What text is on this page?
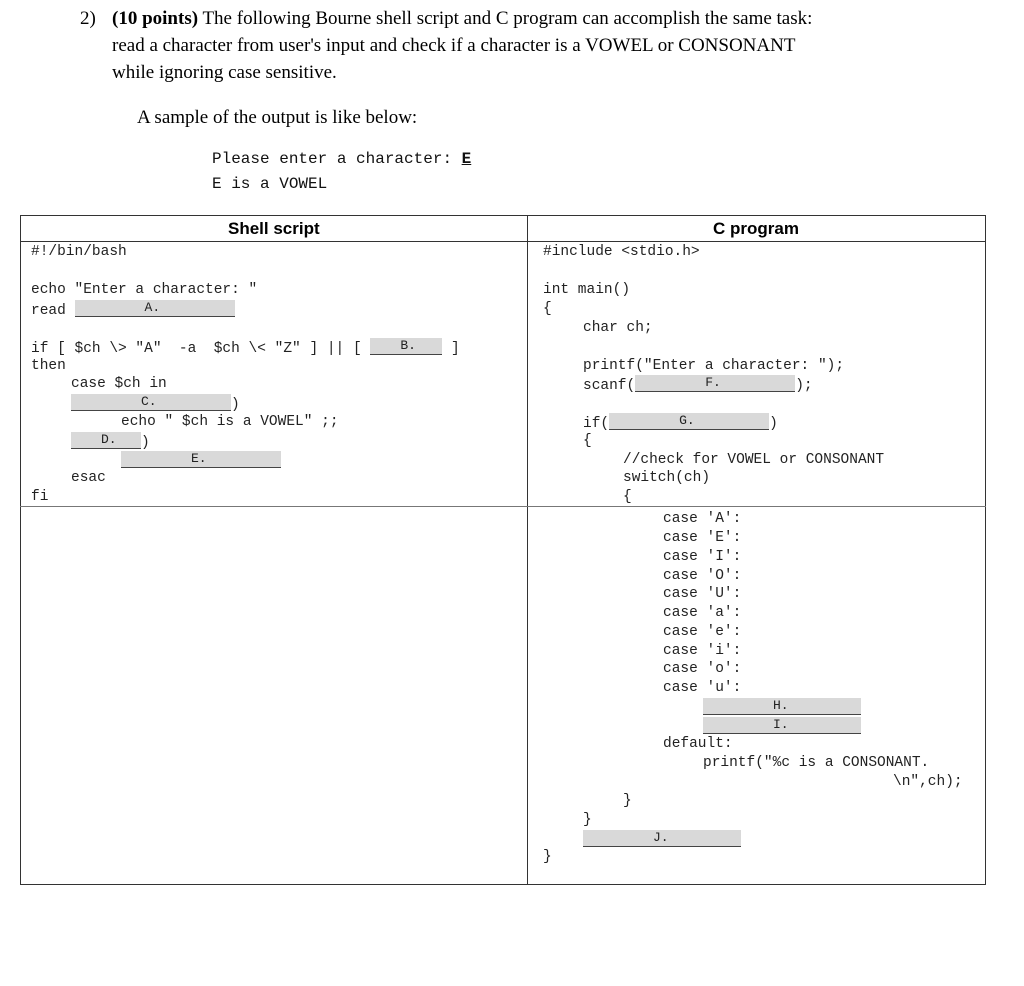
2) (10 points) The following Bourne shell script and C program can accomplish the same task:
read a character from user's input and check if a character is a VOWEL or CONSONANT
while ignoring case sensitive.
A sample of the output is like below:
Please enter a character: E
E is a VOWEL
Shell script	C program
#!/bin/bash
echo "Enter a character: "
read	A.
if [ $ch \> "A"  -a  $ch \< "Z" ] || [ B. ]
then
case $ch in
C.	)
echo " $ch is a VOWEL" ;;
D. )
E.
esac
fi
#include <stdio.h>
int main()
{
char ch;
printf("Enter a character: ");
scanf(	F.	);
if(	G.	)
{
//check for VOWEL or CONSONANT
switch(ch)
{
case 'A':
case 'E':
case 'I':
case 'O':
case 'U':
case 'a':
case 'e':
case 'i':
case 'o':
case 'u':
H.
I.
default:
printf("%c is a CONSONANT.
\n",ch);
}
}
J.
}
